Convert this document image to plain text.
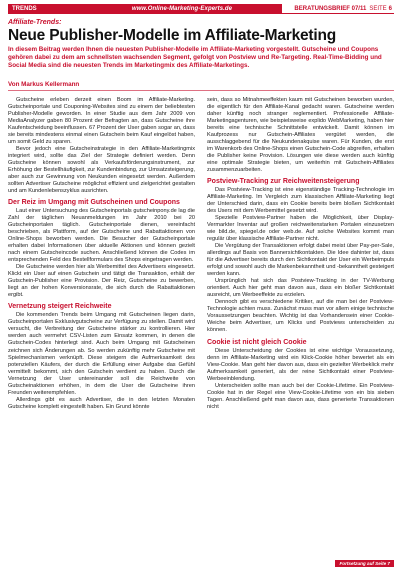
TRENDS	www.Online-Marketing-Experts.de	BERATUNGSBRIEF 07/11 SEITE 6
Affiliate-Trends:
Neue Publisher-Modelle im Affiliate-Marketing
In diesem Beitrag werden Ihnen die neuesten Publisher-Modelle im Affiliate-Marketing vorgestellt. Gutscheine und Coupons gehören dabei zu dem am schnellsten wachsenden Segment, gefolgt von Postview und Re-Targeting. Real-Time-Bidding und Social Media sind die neuesten Trends im Marketingmix des Affiliate-Marketings.
Von Markus Kellermann

Gutscheine erleben derzeit einen Boom im Affiliate-Marketing. Gutscheinportale und Couponing-Websites sind zu einem der beliebtesten Publisher-Modelle geworden. In einer Studie aus dem Jahr 2009 von MediaAnalyzer gaben 80 Prozent der Befragten an, dass Gutscheine ihre Kaufentscheidung beeinflussen. 67 Prozent der User gaben sogar an, dass sie bereits mindestens einmal einen Gutschein beim Kauf eingelöst haben, um somit Geld zu sparen.

Bevor jedoch eine Gutscheinstrategie in den Affiliate-Marketingmix integriert wird, sollte das Ziel der Strategie definiert werden. Denn Gutscheine können sowohl als Verkaufsförderungsinstrument, zur Erhöhung der Bestellhäufigkeit, zur Kundenbindung, zur Umsatzsteigerung, aber auch zur Gewinnung von Neukunden eingesetzt werden. Außerdem sollten Advertiser Gutscheine möglichst effizient und zielgerichtet gestalten und am Kundenlebenszyklus ausrichten.

Der Reiz im Umgang mit Gutscheinen und Coupons

Laut einer Untersuchung des Gutscheinportals gutscheinpony.de lag die Zahl der täglichen Neuanmeldungen im Jahr 2010 bei 20 Gutscheinportalen täglich. Gutscheinportale dienen, vereinfacht beschrieben, als Plattform, auf der Gutscheine und Rabattaktionen von Online-Shops beworben werden. Die Besucher der Gutscheinportale erhalten dabei Informationen über aktuelle Aktionen und können gezielt nach einem Gutscheincode suchen. Anschließend können die Codes im entsprechenden Feld des Bestellformulars des Shops eingetragen werden.

Die Gutscheine werden hier als Werbemittel des Advertisers eingesetzt. Klickt ein User auf einen Gutschein und tätigt die Transaktion, erhält der Gutschein-Publisher eine Provision. Der Reiz, Gutscheine zu bewerben, liegt an der hohen Konversionsrate, die sich durch die Rabattaktionen ergibt.

Vernetzung steigert Reichweite

Die kommenden Trends beim Umgang mit Gutscheinen liegen darin, Gutscheinportalen Exklusivgutscheine zur Verfügung zu stellen. Damit wird versucht, die Verbreitung der Gutscheine stärker zu kontrollieren. Hier werden auch vermehrt CSV-Listen zum Einsatz kommen, in denen die Gutschein-Codes hinterlegt sind. Auch beim Umgang mit Gutscheinen zeichnen sich Änderungen ab. So werden zukünftig mehr Gutscheine mit Spielmechanismen verknüpft. Diese steigern die Aufmerksamkeit des potenziellen Käufers, der durch die Erfüllung einer Aufgabe das Gefühl vermittelt bekommt, sich den Gutschein verdient zu haben. Durch die Vernetzung der User untereinander soll die Reichweite von Gutscheinaktionen erhöhen, in dem die User die Gutscheine ihren Freunden weiterempfehlen.

Allerdings gibt es auch Advertiser, die in den letzten Monaten Gutscheine komplett eingestellt haben. Ein Grund könnte

sein, dass so Mitnahmeeffekten kaum mit Gutscheinen beworben wurden, die eigentlich für den Affiliate-Kanal gedacht waren. Gutscheine werden daher künftig noch stranger reglementiert. Professionelle Affiliate-Marketingagenturen, wie beispielsweise explido WebMarketing, haben hier bereits eine technische Schnittstelle entwickelt. Damit können im Kaufprozess nur Gutschein-Affiliates vergütet werden, die ausschlaggebend für die Neukundenakquise waren. Für Kunden, die erst im Warenkorb des Online-Shops einen Gutschein-Code abgreifen, erhalten die Publisher keine Provision. Lösungen wie diese werden auch künftig eine optimale Strategie bieten, um weiterhin mit Gutschein-Affiliates zusammenzuarbeiten.

Postview-Tracking zur Reichweitensteigerung

Das Postview-Tracking ist eine eigenständige Tracking-Technologie im Affiliate-Marketing. Im Vergleich zum klassischen Affiliate-Marketing liegt der Unterschied darin, dass ein Cookie bereits beim bloßen Sichtkontakt des Users mit dem Werbemittel gesetzt wird.

Spezielle Postview-Partner haben die Möglichkeit, über Display-Vermarkter Inventar auf großen reichweitenstarken Portalen einzusetzen wie bild.de, spiegel.de oder web.de. Auf solche Websites kommt man regulär über klassische Affiliate-Partner nicht.

Die Vergütung der Transaktionen erfolgt dabei meist über Pay-per-Sale, allerdings auf Basis von Bannersichtkontakten. Die Idee dahinter ist, dass für die Advertiser bereits durch den Sichtkontakt der User ein Werbeimpuls erfolgt und sowohl auch die Markenbekanntheit und -bekanntheit gesteigert werden kann.

Ursprünglich hat sich das Postview-Tracking in der TV-Werbung orientiert. Auch hier geht man davon aus, dass ein bloßer Sichtkontakt ausreicht, um Werbeeffekte zu erzielen.

Dennoch gibt es verschiedene Kritiker, auf die man bei der Postview-Technologie achten muss. Zunächst muss man vor allem einige technische Voraussetzungen beachten. Wichtig ist das Vorhandensein einer Cookie-Weiche beim Advertiser, um Klicks und Postviews unterscheiden zu können.

Cookie ist nicht gleich Cookie

Diese Unterscheidung der Cookies ist eine wichtige Voraussetzung, denn im Affiliate-Marketing wird ein Klick-Cookie höher bewertet als ein View-Cookie. Man geht hier davon aus, dass ein gezielter Werbeklick mehr Aufmerksamkeit generiert, als der reine Sichtkontakt einer Postview-Werbeeinblendung.

Unterscheiden sollte man auch bei der Cookie-Lifetime. Ein Postview-Cookie hat in der Regel eine View-Cookie-Lifetime von ein bis sieben Tagen. Anschließend geht man davon aus, dass generierte Transaktionen nicht

Fortsetzung auf Seite 7
